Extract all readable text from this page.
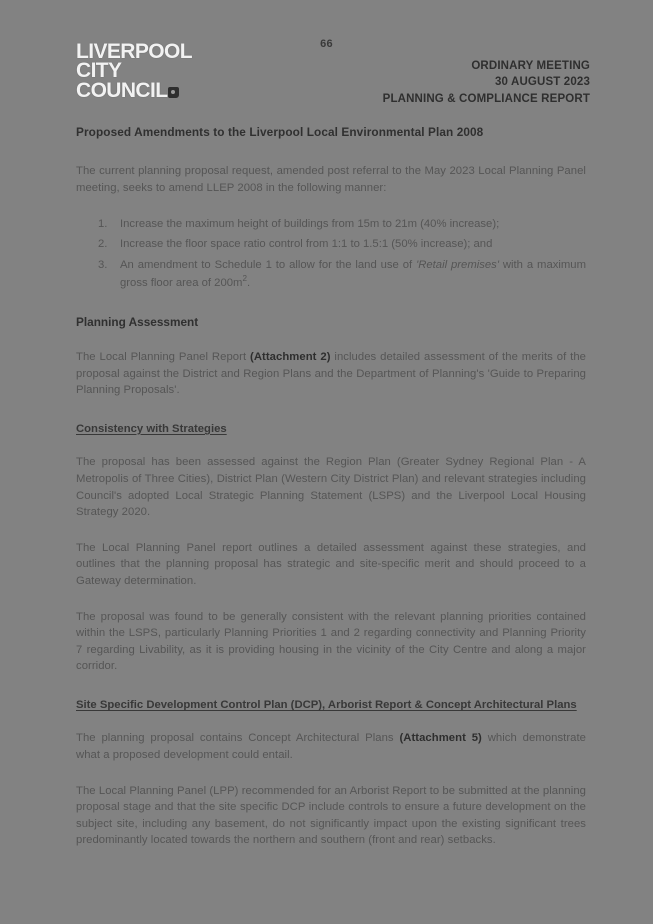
LIVERPOOL
CITY
COUNCIL
66
ORDINARY MEETING
30 AUGUST 2023
PLANNING & COMPLIANCE REPORT
Proposed Amendments to the Liverpool Local Environmental Plan 2008

The current planning proposal request, amended post referral to the May 2023 Local Planning Panel meeting, seeks to amend LLEP 2008 in the following manner:

Increase the maximum height of buildings from 15m to 21m (40% increase);
Increase the floor space ratio control from 1:1 to 1.5:1 (50% increase); and
An amendment to Schedule 1 to allow for the land use of 'Retail premises' with a maximum gross floor area of $200m^2$.
Planning Assessment

The Local Planning Panel Report (Attachment 2) includes detailed assessment of the merits of the proposal against the District and Region Plans and the Department of Planning's 'Guide to Preparing Planning Proposals'.

Consistency with Strategies

The proposal has been assessed against the Region Plan (Greater Sydney Regional Plan - A Metropolis of Three Cities), District Plan (Western City District Plan) and relevant strategies including Council's adopted Local Strategic Planning Statement (LSPS) and the Liverpool Local Housing Strategy 2020.

The Local Planning Panel report outlines a detailed assessment against these strategies, and outlines that the planning proposal has strategic and site-specific merit and should proceed to a Gateway determination.

The proposal was found to be generally consistent with the relevant planning priorities contained within the LSPS, particularly Planning Priorities 1 and 2 regarding connectivity and Planning Priority 7 regarding Livability, as it is providing housing in the vicinity of the City Centre and along a major corridor.

Site Specific Development Control Plan (DCP), Arborist Report & Concept Architectural Plans

The planning proposal contains Concept Architectural Plans (Attachment 5) which demonstrate what a proposed development could entail.

The Local Planning Panel (LPP) recommended for an Arborist Report to be submitted at the planning proposal stage and that the site specific DCP include controls to ensure a future development on the subject site, including any basement, do not significantly impact upon the existing significant trees predominantly located towards the northern and southern (front and rear) setbacks.
